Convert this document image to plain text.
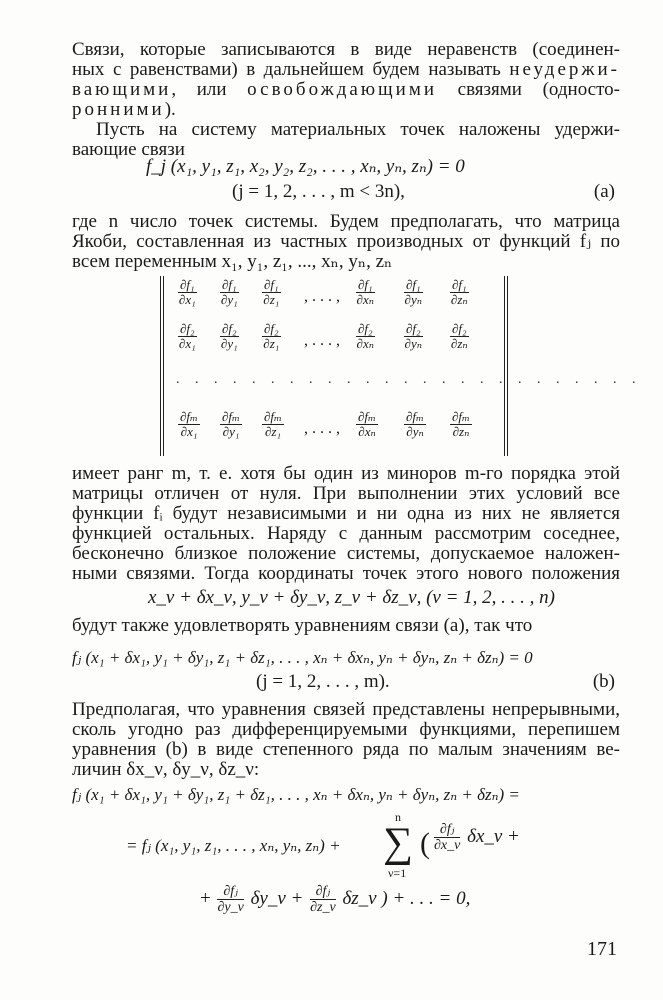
Связи, которые записываются в виде неравенств (соединен-
ных с равенствами) в дальнейшем будем называть неудержи-
вающими, или освобождающими связями (односто-
ронними).
Пусть на систему материальных точек наложены удержи-
вающие связи
f_j (x₁, y₁, z₁, x₂, y₂, z₂, . . . , xₙ, yₙ, zₙ) = 0
(j = 1, 2, . . . , m < 3n),	(a)
где n число точек системы. Будем предполагать, что матрица
Якоби, составленная из частных производных от функций fⱼ по
всем переменным x₁, y₁, z₁, ..., xₙ, yₙ, zₙ
$\frac{\text{∂f₁}}{\text{∂x₁}} \frac{\text{∂f₁}}{\text{∂y₁}} \frac{\text{∂f₁}}{\text{∂z₁}}$ , . . . , $\frac{\text{∂f₁}}{\text{∂xₙ}} \frac{\text{∂f₁}}{\text{∂yₙ}} \frac{\text{∂f₁}}{\text{∂zₙ}}$
$\frac{\text{∂f₂}}{\text{∂x₁}} \frac{\text{∂f₂}}{\text{∂y₁}} \frac{\text{∂f₂}}{\text{∂z₁}}$ , . . . , $\frac{\text{∂f₂}}{\text{∂xₙ}} \frac{\text{∂f₂}}{\text{∂yₙ}} \frac{\text{∂f₂}}{\text{∂zₙ}}$
. . . . . . . . . . . . . . . . . . . . . . . . .
$\frac{\text{∂fₘ}}{\text{∂x₁}} \frac{\text{∂fₘ}}{\text{∂y₁}} \frac{\text{∂fₘ}}{\text{∂z₁}}$ , . . . , $\frac{\text{∂fₘ}}{\text{∂xₙ}} \frac{\text{∂fₘ}}{\text{∂yₙ}} \frac{\text{∂fₘ}}{\text{∂zₙ}}$
имеет ранг m, т. е. хотя бы один из миноров m-го порядка этой
матрицы отличен от нуля. При выполнении этих условий все
функции fᵢ будут независимыми и ни одна из них не является
функцией остальных. Наряду с данным рассмотрим соседнее,
бесконечно близкое положение системы, допускаемое наложен-
ными связями. Тогда координаты точек этого нового положения
x_ν + δx_ν, y_ν + δy_ν, z_ν + δz_ν, (ν = 1, 2, . . . , n)
будут также удовлетворять уравнениям связи (а), так что
fⱼ (x₁ + δx₁, y₁ + δy₁, z₁ + δz₁, . . . , xₙ + δxₙ, yₙ + δyₙ, zₙ + δzₙ) = 0
(j = 1, 2, . . . , m).	(b)
Предполагая, что уравнения связей представлены непрерывными,
сколь угодно раз дифференцируемыми функциями, перепишем
уравнения (b) в виде степенного ряда по малым значениям ве-
личин δx_ν, δy_ν, δz_ν:
fⱼ (x₁ + δx₁, y₁ + δy₁, z₁ + δz₁, . . . , xₙ + δxₙ, yₙ + δyₙ, zₙ + δzₙ) =
= fⱼ (x₁, y₁, z₁, . . . , xₙ, yₙ, zₙ) +
n
∑
ν=1
( $\frac{\text{∂fⱼ}}{\partial x\_\nu}$ δx_ν +
+ $\frac{\text{∂fⱼ}}{\partial y\_\nu}$ δy_ν + $\frac{\text{∂fⱼ}}{\partial z\_\nu}$ δz_ν ) + . . . = 0,
171
